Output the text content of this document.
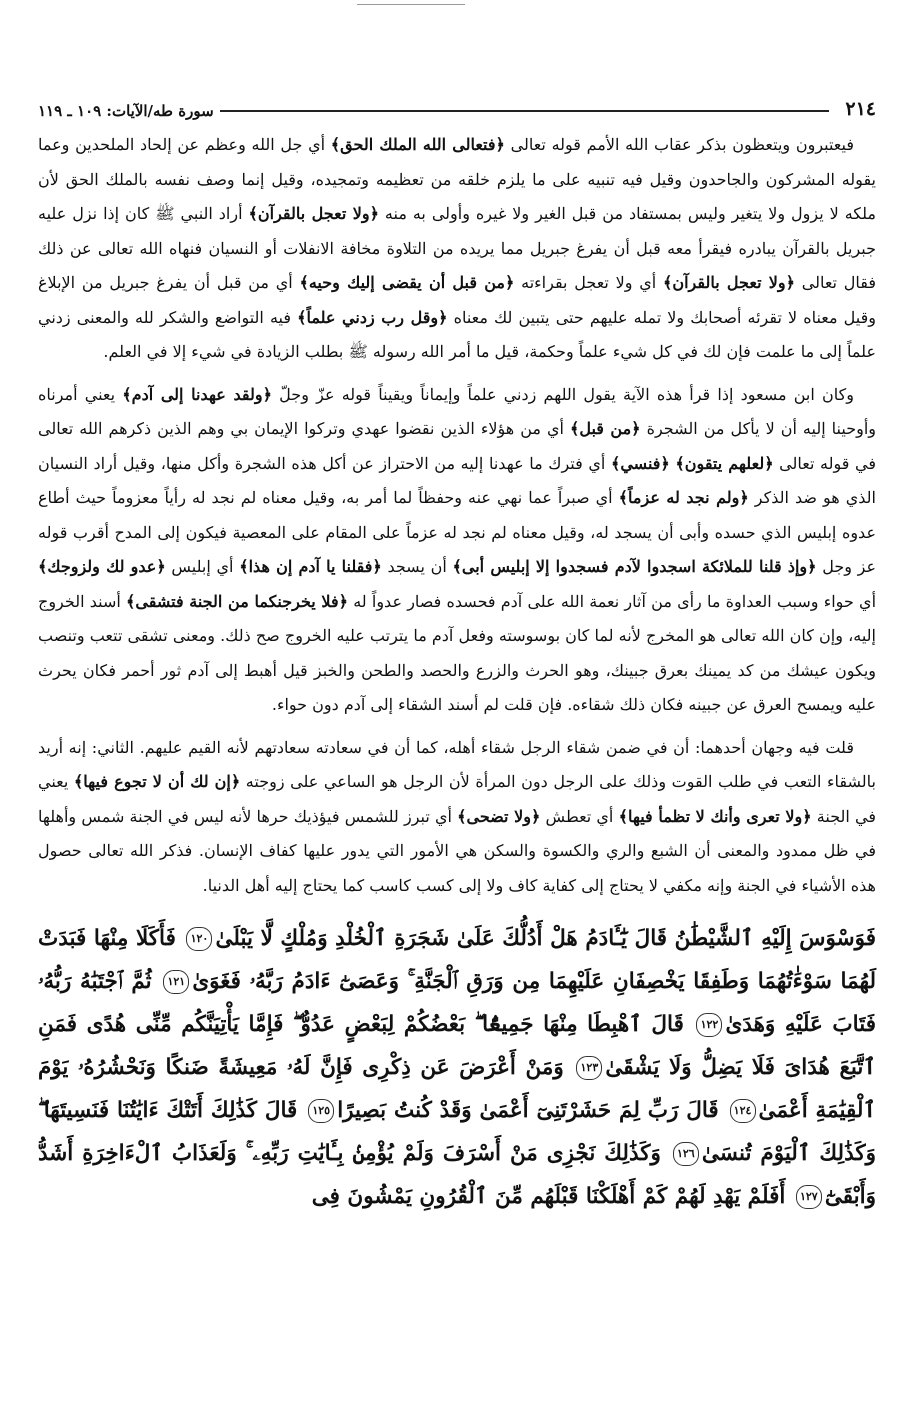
٢١٤
سورة طه/الآيات: ١٠٩ ـ ١١٩

فيعتبرون ويتعظون بذكر عقاب الله الأمم قوله تعالى ﴿فتعالى الله الملك الحق﴾ أي جل الله وعظم عن إلحاد الملحدين وعما يقوله المشركون والجاحدون وقيل فيه تنبيه على ما يلزم خلقه من تعظيمه وتمجيده، وقيل إنما وصف نفسه بالملك الحق لأن ملكه لا يزول ولا يتغير وليس بمستفاد من قبل الغير ولا غيره وأولى به منه ﴿ولا تعجل بالقرآن﴾ أراد النبي ﷺ كان إذا نزل عليه جبريل بالقرآن يبادره فيقرأ معه قبل أن يفرغ جبريل مما يريده من التلاوة مخافة الانفلات أو النسيان فنهاه الله تعالى عن ذلك فقال تعالى ﴿ولا تعجل بالقرآن﴾ أي ولا تعجل بقراءته ﴿من قبل أن يقضى إليك وحيه﴾ أي من قبل أن يفرغ جبريل من الإبلاغ وقيل معناه لا تقرئه أصحابك ولا تمله عليهم حتى يتبين لك معناه ﴿وقل رب زدني علماً﴾ فيه التواضع والشكر لله والمعنى زدني علماً إلى ما علمت فإن لك في كل شيء علماً وحكمة، قيل ما أمر الله رسوله ﷺ بطلب الزيادة في شيء إلا في العلم.

وكان ابن مسعود إذا قرأ هذه الآية يقول اللهم زدني علماً وإيماناً ويقيناً قوله عزّ وجلّ ﴿ولقد عهدنا إلى آدم﴾ يعني أمرناه وأوحينا إليه أن لا يأكل من الشجرة ﴿من قبل﴾ أي من هؤلاء الذين نقضوا عهدي وتركوا الإيمان بي وهم الذين ذكرهم الله تعالى في قوله تعالى ﴿لعلهم يتقون﴾ ﴿فنسي﴾ أي فترك ما عهدنا إليه من الاحتراز عن أكل هذه الشجرة وأكل منها، وقيل أراد النسيان الذي هو ضد الذكر ﴿ولم نجد له عزماً﴾ أي صبراً عما نهي عنه وحفظاً لما أمر به، وقيل معناه لم نجد له رأياً معزوماً حيث أطاع عدوه إبليس الذي حسده وأبى أن يسجد له، وقيل معناه لم نجد له عزماً على المقام على المعصية فيكون إلى المدح أقرب قوله عز وجل ﴿وإذ قلنا للملائكة اسجدوا لآدم فسجدوا إلا إبليس أبى﴾ أن يسجد ﴿فقلنا يا آدم إن هذا﴾ أي إبليس ﴿عدو لك ولزوجك﴾ أي حواء وسبب العداوة ما رأى من آثار نعمة الله على آدم فحسده فصار عدواً له ﴿فلا يخرجنكما من الجنة فتشقى﴾ أسند الخروج إليه، وإن كان الله تعالى هو المخرج لأنه لما كان بوسوسته وفعل آدم ما يترتب عليه الخروج صح ذلك. ومعنى تشقى تتعب وتنصب ويكون عيشك من كد يمينك بعرق جبينك، وهو الحرث والزرع والحصد والطحن والخبز قيل أهبط إلى آدم ثور أحمر فكان يحرث عليه ويمسح العرق عن جبينه فكان ذلك شقاءه. فإن قلت لم أسند الشقاء إلى آدم دون حواء.

قلت فيه وجهان أحدهما: أن في ضمن شقاء الرجل شقاء أهله، كما أن في سعادته سعادتهم لأنه القيم عليهم. الثاني: إنه أريد بالشقاء التعب في طلب القوت وذلك على الرجل دون المرأة لأن الرجل هو الساعي على زوجته ﴿إن لك أن لا تجوع فيها﴾ يعني في الجنة ﴿ولا تعرى وأنك لا تظمأ فيها﴾ أي تعطش ﴿ولا تضحى﴾ أي تبرز للشمس فيؤذيك حرها لأنه ليس في الجنة شمس وأهلها في ظل ممدود والمعنى أن الشبع والري والكسوة والسكن هي الأمور التي يدور عليها كفاف الإنسان. فذكر الله تعالى حصول هذه الأشياء في الجنة وإنه مكفي لا يحتاج إلى كفاية كاف ولا إلى كسب كاسب كما يحتاج إليه أهل الدنيا.

فَوَسْوَسَ إِلَيْهِ ٱلشَّيْطَٰنُ قَالَ يَٰٓـَٔادَمُ هَلْ أَدُلُّكَ عَلَىٰ شَجَرَةِ ٱلْخُلْدِ وَمُلْكٍ لَّا يَبْلَىٰ١٢٠ فَأَكَلَا مِنْهَا فَبَدَتْ لَهُمَا سَوْءَٰتُهُمَا وَطَفِقَا يَخْصِفَانِ عَلَيْهِمَا مِن وَرَقِ ٱلْجَنَّةِ ۚ وَعَصَىٰٓ ءَادَمُ رَبَّهُۥ فَغَوَىٰ١٢١ ثُمَّ ٱجْتَبَٰهُ رَبُّهُۥ فَتَابَ عَلَيْهِ وَهَدَىٰ١٢٢ قَالَ ٱهْبِطَا مِنْهَا جَمِيعًۢا ۖ بَعْضُكُمْ لِبَعْضٍ عَدُوٌّ ۖ فَإِمَّا يَأْتِيَنَّكُم مِّنِّى هُدًى فَمَنِ ٱتَّبَعَ هُدَاىَ فَلَا يَضِلُّ وَلَا يَشْقَىٰ١٢٣ وَمَنْ أَعْرَضَ عَن ذِكْرِى فَإِنَّ لَهُۥ مَعِيشَةً ضَنكًا وَنَحْشُرُهُۥ يَوْمَ ٱلْقِيَٰمَةِ أَعْمَىٰ١٢٤ قَالَ رَبِّ لِمَ حَشَرْتَنِىٓ أَعْمَىٰ وَقَدْ كُنتُ بَصِيرًا١٢٥ قَالَ كَذَٰلِكَ أَتَتْكَ ءَايَٰتُنَا فَنَسِيتَهَا ۖ وَكَذَٰلِكَ ٱلْيَوْمَ تُنسَىٰ١٢٦ وَكَذَٰلِكَ نَجْزِى مَنْ أَسْرَفَ وَلَمْ يُؤْمِنۢ بِـَٔايَٰتِ رَبِّهِۦ ۚ وَلَعَذَابُ ٱلْءَاخِرَةِ أَشَدُّ وَأَبْقَىٰٓ١٢٧ أَفَلَمْ يَهْدِ لَهُمْ كَمْ أَهْلَكْنَا قَبْلَهُم مِّنَ ٱلْقُرُونِ يَمْشُونَ فِى
